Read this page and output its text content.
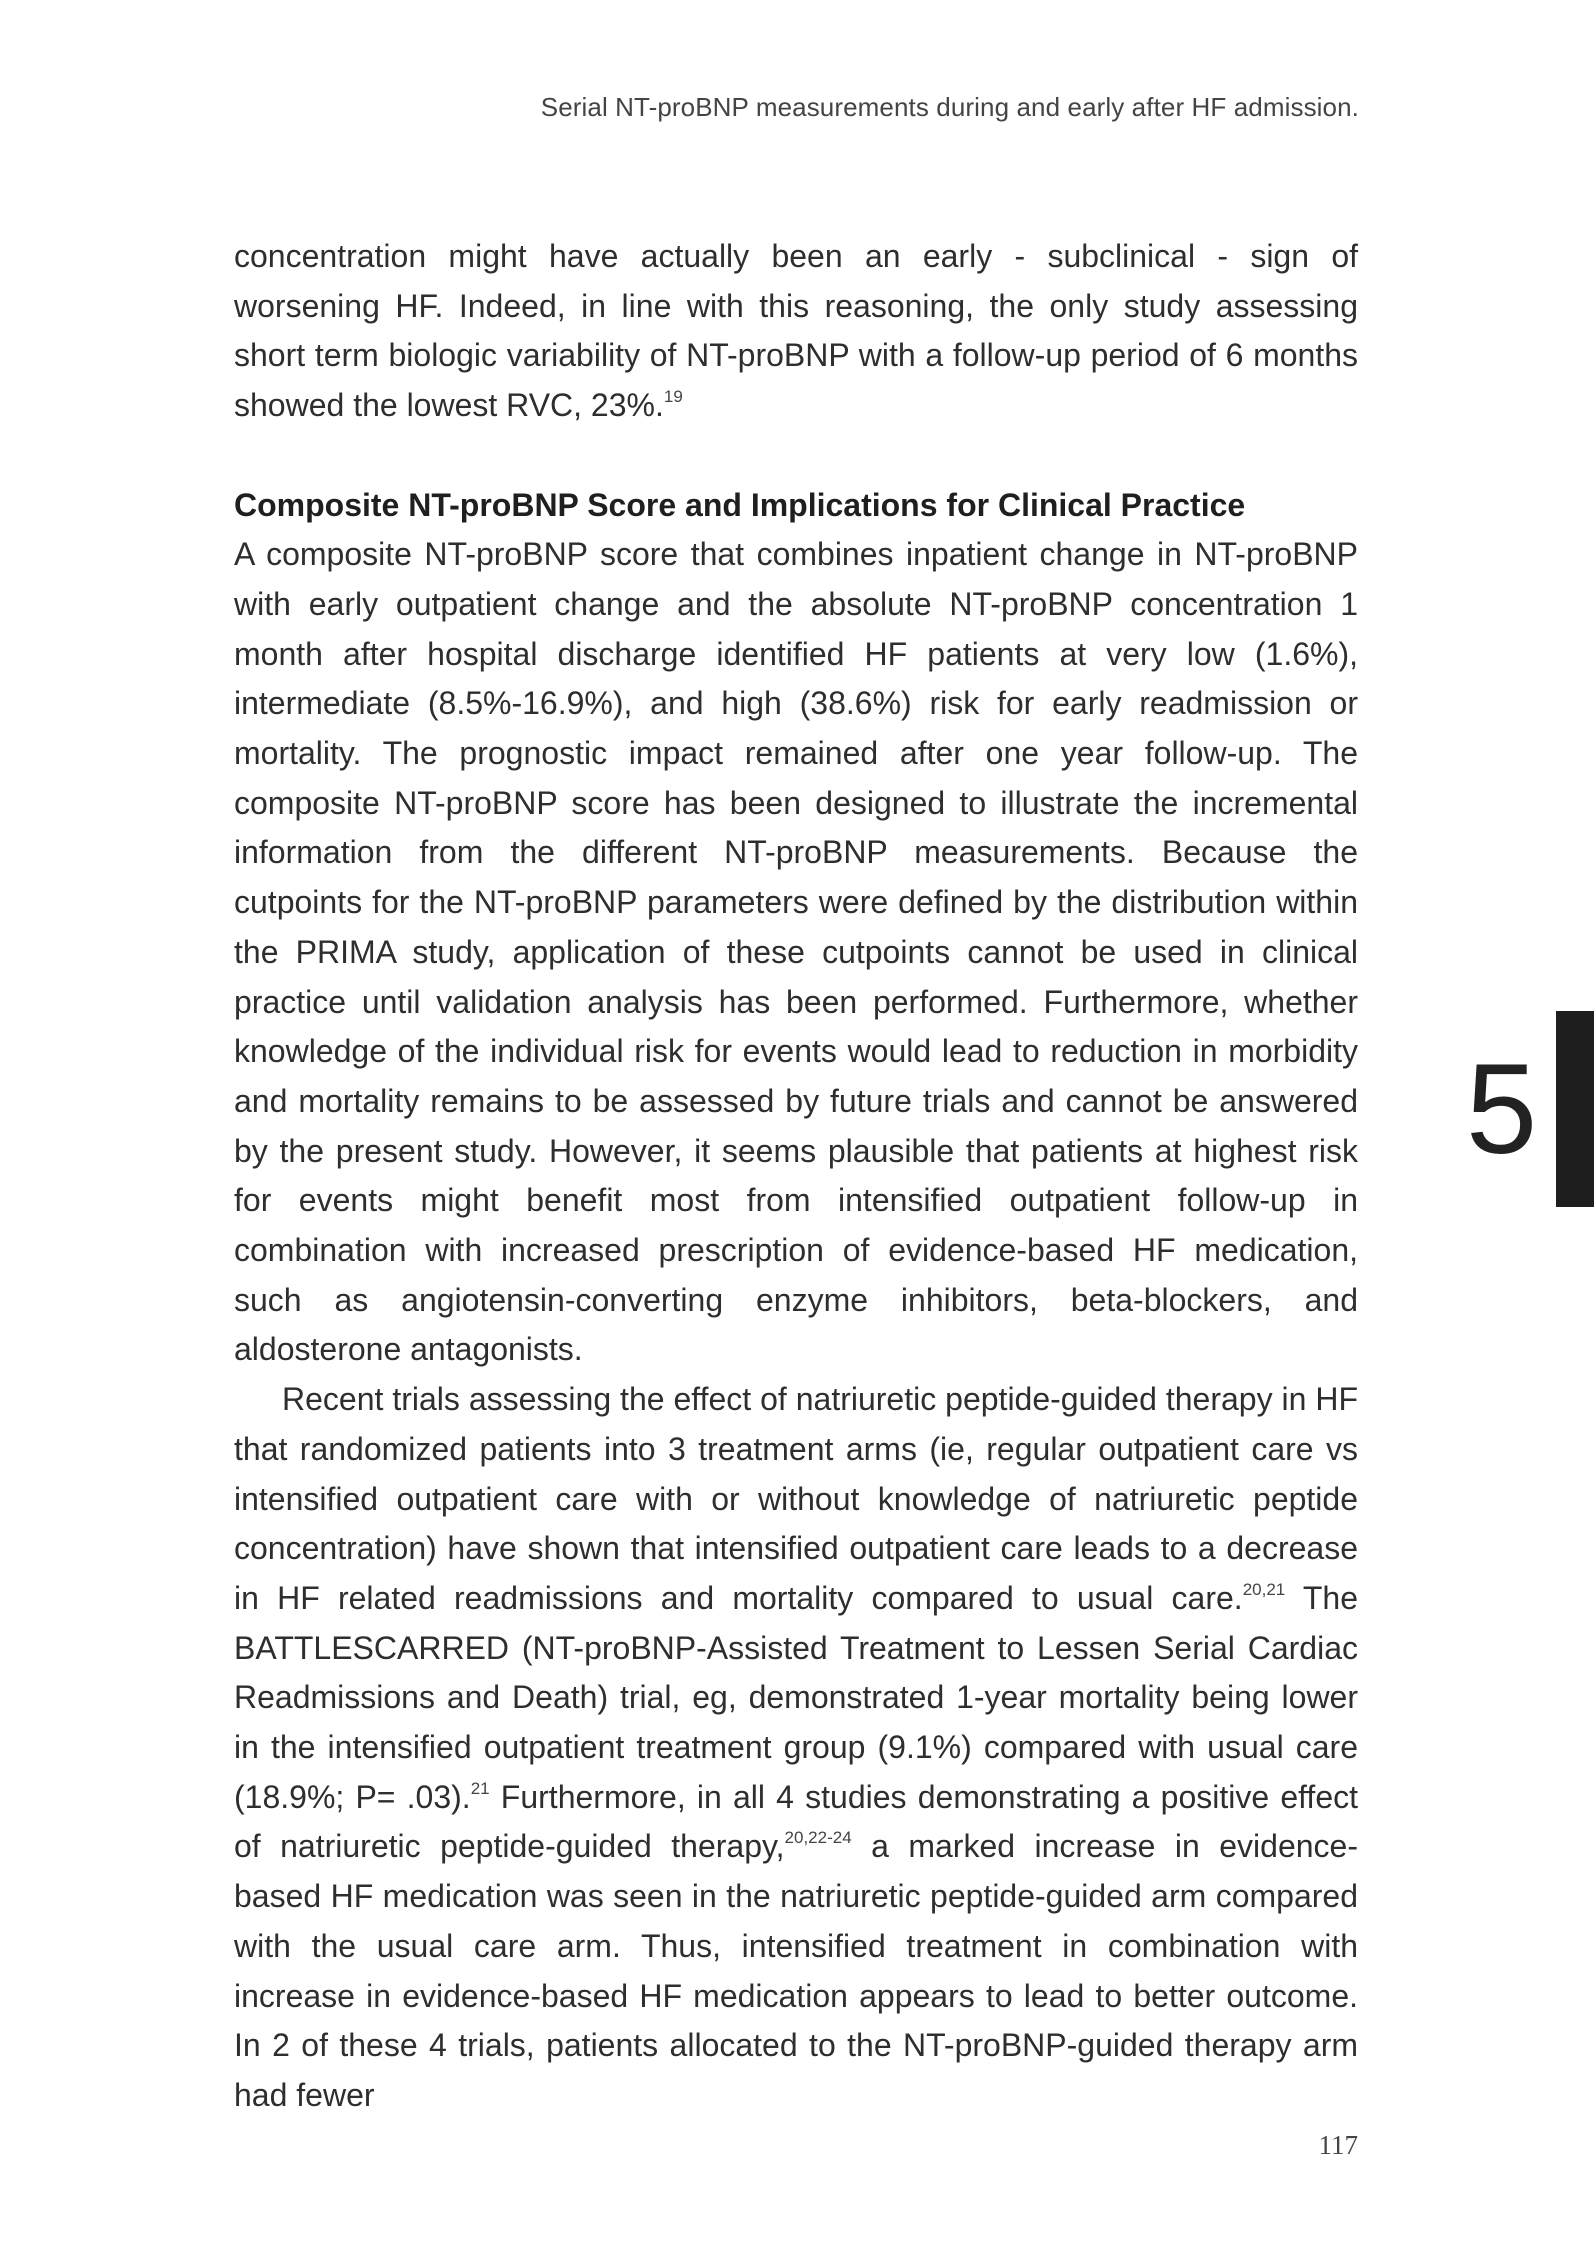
Serial NT-proBNP measurements during and early after HF admission.

concentration might have actually been an early - subclinical - sign of worsening HF. Indeed, in line with this reasoning, the only study assessing short term biologic variability of NT-proBNP with a follow-up period of 6 months showed the lowest RVC, 23%.$^{19}$

Composite NT-proBNP Score and Implications for Clinical Practice

A composite NT-proBNP score that combines inpatient change in NT-proBNP with early outpatient change and the absolute NT-proBNP concentration 1 month after hospital discharge identified HF patients at very low (1.6%), intermediate (8.5%-16.9%), and high (38.6%) risk for early readmission or mortality. The prognostic impact remained after one year follow-up. The composite NT-proBNP score has been designed to illustrate the incremental information from the different NT-proBNP measurements. Because the cutpoints for the NT-proBNP parameters were defined by the distribution within the PRIMA study, application of these cutpoints cannot be used in clinical practice until validation analysis has been performed. Furthermore, whether knowledge of the individual risk for events would lead to reduction in morbidity and mortality remains to be assessed by future trials and cannot be answered by the present study. However, it seems plausible that patients at highest risk for events might benefit most from intensified outpatient follow-up in combination with increased prescription of evidence-based HF medication, such as angiotensin-converting enzyme inhibitors, beta-blockers, and aldosterone antagonists.

Recent trials assessing the effect of natriuretic peptide-guided therapy in HF that randomized patients into 3 treatment arms (ie, regular outpatient care vs intensified outpatient care with or without knowledge of natriuretic peptide concentration) have shown that intensified outpatient care leads to a decrease in HF related readmissions and mortality compared to usual care.$^{20,21}$ The BATTLESCARRED (NT-proBNP-Assisted Treatment to Lessen Serial Cardiac Readmissions and Death) trial, eg, demonstrated 1-year mortality being lower in the intensified outpatient treatment group (9.1%) compared with usual care (18.9%; P= .03).$^{21}$ Furthermore, in all 4 studies demonstrating a positive effect of natriuretic peptide-guided therapy,$^{20,22-24}$ a marked increase in evidence-based HF medication was seen in the natriuretic peptide-guided arm compared with the usual care arm. Thus, intensified treatment in combination with increase in evidence-based HF medication appears to lead to better outcome. In 2 of these 4 trials, patients allocated to the NT-proBNP-guided therapy arm had fewer

5
117
